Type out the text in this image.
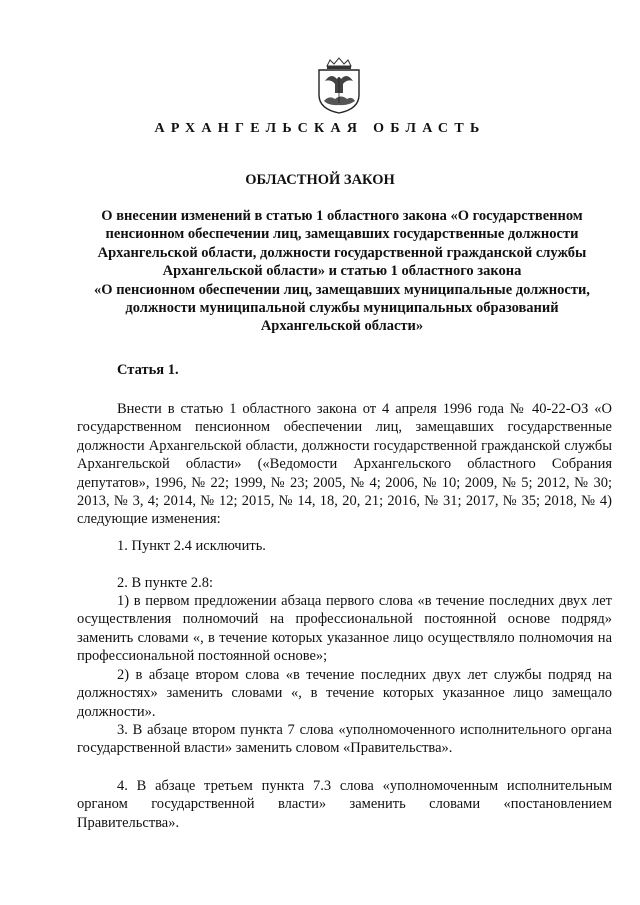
АРХАНГЕЛЬСКАЯ ОБЛАСТЬ
ОБЛАСТНОЙ ЗАКОН
О внесении изменений в статью 1 областного закона «О государственном
пенсионном обеспечении лиц, замещавших государственные должности
Архангельской области, должности государственной гражданской службы
Архангельской области» и статью 1 областного закона
«О пенсионном обеспечении лиц, замещавших муниципальные должности,
должности муниципальной службы муниципальных образований
Архангельской области»
Статья 1.
Внести в статью 1 областного закона от 4 апреля 1996 года № 40-22-ОЗ «О государственном пенсионном обеспечении лиц, замещавших государственные должности Архангельской области, должности государственной гражданской службы Архангельской области» («Ведомости Архангельского областного Собрания депутатов», 1996, № 22; 1999, № 23; 2005, № 4; 2006, № 10; 2009, № 5; 2012, № 30; 2013, № 3, 4; 2014, № 12; 2015, № 14, 18, 20, 21; 2016, № 31; 2017, № 35; 2018, № 4) следующие изменения:
1. Пункт 2.4 исключить.
2. В пункте 2.8:
1) в первом предложении абзаца первого слова «в течение последних двух лет осуществления полномочий на профессиональной постоянной основе подряд» заменить словами «, в течение которых указанное лицо осуществляло полномочия на профессиональной постоянной основе»;
2) в абзаце втором слова «в течение последних двух лет службы подряд на должностях» заменить словами «, в течение которых указанное лицо замещало должности».
3. В абзаце втором пункта 7 слова «уполномоченного исполнительного органа государственной власти» заменить словом «Правительства».
4. В абзаце третьем пункта 7.3 слова «уполномоченным исполнительным органом государственной власти» заменить словами «постановлением Правительства».
